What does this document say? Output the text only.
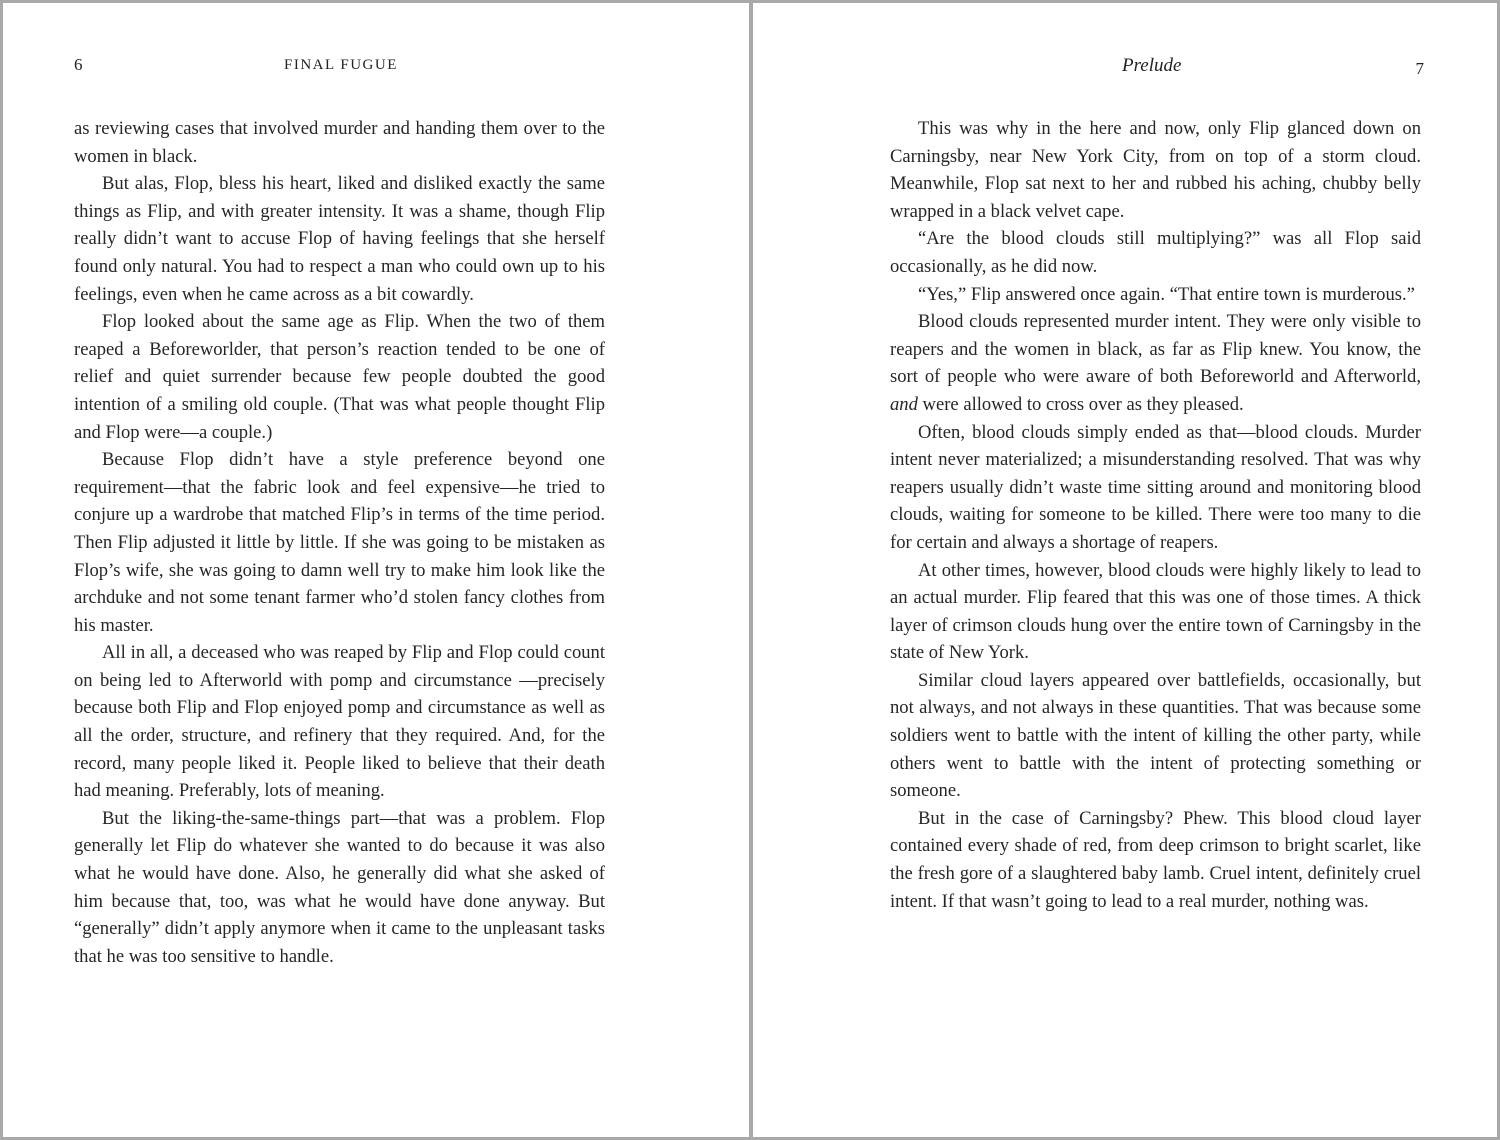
6	FINAL FUGUE

as reviewing cases that involved murder and handing them over to the women in black.

But alas, Flop, bless his heart, liked and disliked exactly the same things as Flip, and with greater intensity. It was a shame, though Flip really didn’t want to accuse Flop of having feelings that she herself found only natural. You had to respect a man who could own up to his feelings, even when he came across as a bit cowardly.

Flop looked about the same age as Flip. When the two of them reaped a Beforeworlder, that person’s reaction tended to be one of relief and quiet surrender because few people doubted the good intention of a smiling old couple. (That was what people thought Flip and Flop were—a couple.)

Because Flop didn’t have a style preference beyond one requirement—that the fabric look and feel expensive—he tried to conjure up a wardrobe that matched Flip’s in terms of the time period. Then Flip adjusted it little by little. If she was going to be mistaken as Flop’s wife, she was going to damn well try to make him look like the archduke and not some tenant farmer who’d stolen fancy clothes from his master.

All in all, a deceased who was reaped by Flip and Flop could count on being led to Afterworld with pomp and circumstance —precisely because both Flip and Flop enjoyed pomp and circumstance as well as all the order, structure, and refinery that they required. And, for the record, many people liked it. People liked to believe that their death had meaning. Preferably, lots of meaning.

But the liking-the-same-things part—that was a problem. Flop generally let Flip do whatever she wanted to do because it was also what he would have done. Also, he generally did what she asked of him because that, too, was what he would have done anyway. But “generally” didn’t apply anymore when it came to the unpleasant tasks that he was too sensitive to handle.

Prelude	7

This was why in the here and now, only Flip glanced down on Carningsby, near New York City, from on top of a storm cloud. Meanwhile, Flop sat next to her and rubbed his aching, chubby belly wrapped in a black velvet cape.

“Are the blood clouds still multiplying?” was all Flop said occasionally, as he did now.

“Yes,” Flip answered once again. “That entire town is murderous.”

Blood clouds represented murder intent. They were only visible to reapers and the women in black, as far as Flip knew. You know, the sort of people who were aware of both Beforeworld and Afterworld, and were allowed to cross over as they pleased.

Often, blood clouds simply ended as that—blood clouds. Murder intent never materialized; a misunderstanding resolved. That was why reapers usually didn’t waste time sitting around and monitoring blood clouds, waiting for someone to be killed. There were too many to die for certain and always a shortage of reapers.

At other times, however, blood clouds were highly likely to lead to an actual murder. Flip feared that this was one of those times. A thick layer of crimson clouds hung over the entire town of Carningsby in the state of New York.

Similar cloud layers appeared over battlefields, occasionally, but not always, and not always in these quantities. That was because some soldiers went to battle with the intent of killing the other party, while others went to battle with the intent of protecting something or someone.

But in the case of Carningsby? Phew. This blood cloud layer contained every shade of red, from deep crimson to bright scarlet, like the fresh gore of a slaughtered baby lamb. Cruel intent, definitely cruel intent. If that wasn’t going to lead to a real murder, nothing was.
